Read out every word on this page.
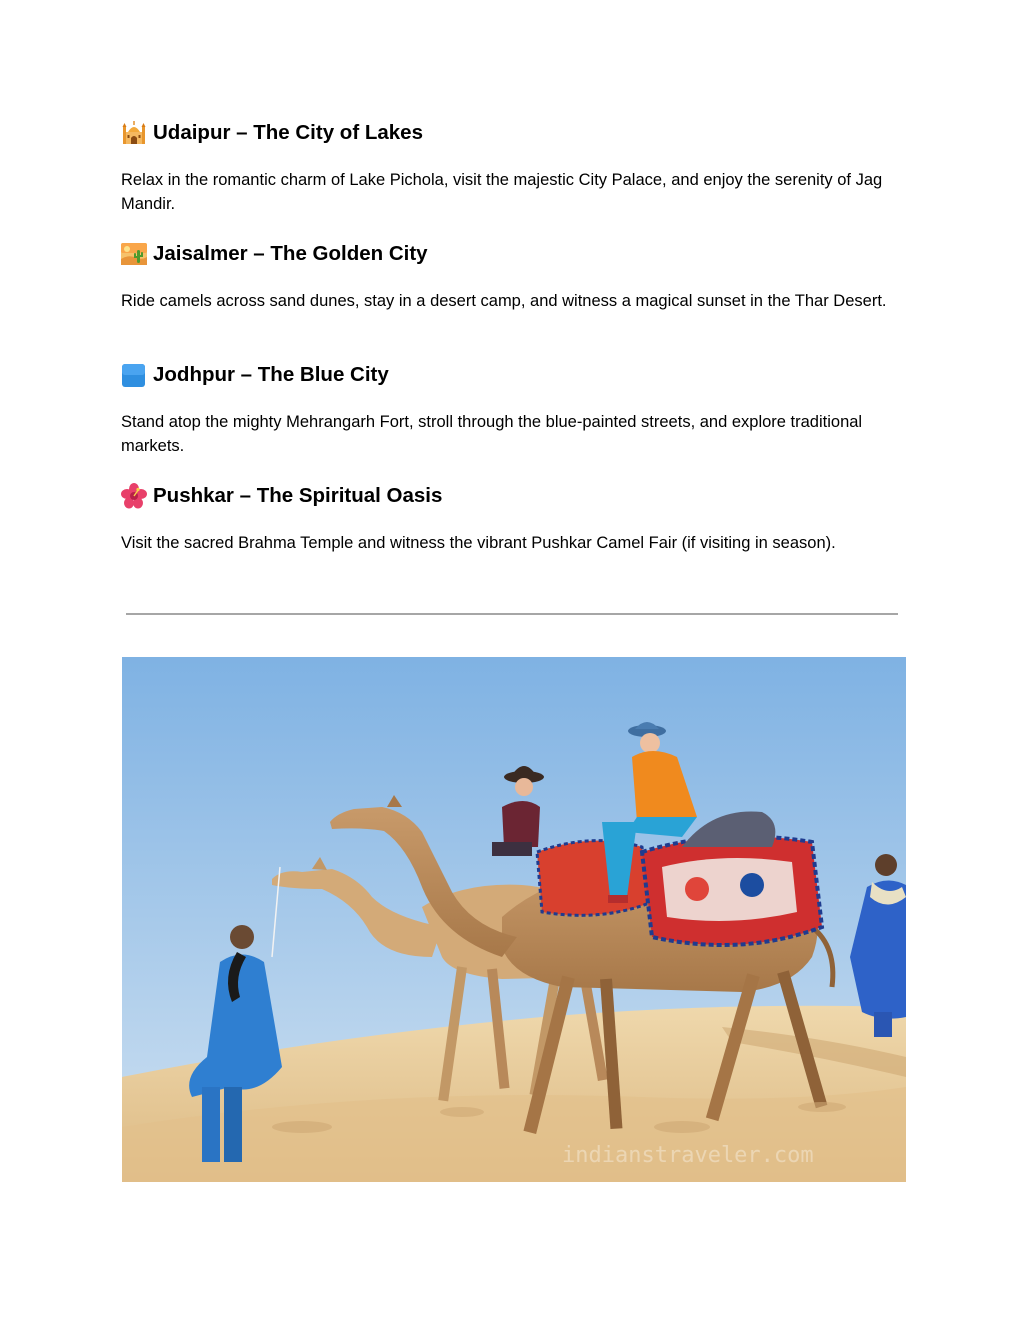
Udaipur – The City of Lakes

Relax in the romantic charm of Lake Pichola, visit the majestic City Palace, and enjoy the serenity of Jag Mandir.

Jaisalmer – The Golden City

Ride camels across sand dunes, stay in a desert camp, and witness a magical sunset in the Thar Desert.

Jodhpur – The Blue City

Stand atop the mighty Mehrangarh Fort, stroll through the blue-painted streets, and explore traditional markets.

Pushkar – The Spiritual Oasis

Visit the sacred Brahma Temple and witness the vibrant Pushkar Camel Fair (if visiting in season).

indianstraveler.com
